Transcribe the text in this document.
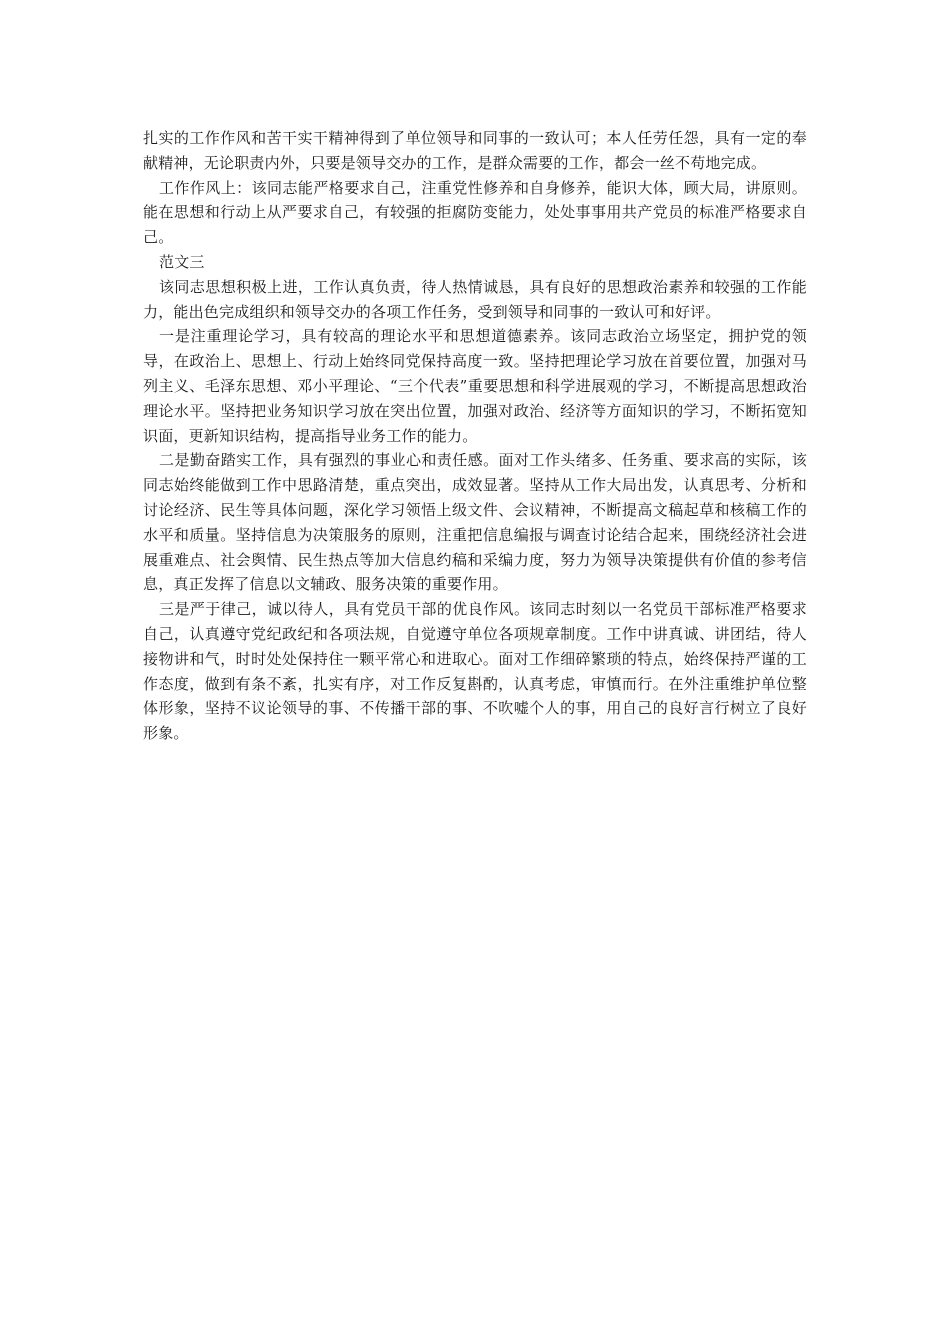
扎实的工作作风和苦干实干精神得到了单位领导和同事的一致认可；本人任劳任怨，具有一定的奉献精神，无论职责内外，只要是领导交办的工作，是群众需要的工作，都会一丝不苟地完成。

工作作风上：该同志能严格要求自己，注重党性修养和自身修养，能识大体，顾大局，讲原则。能在思想和行动上从严要求自己，有较强的拒腐防变能力，处处事事用共产党员的标准严格要求自己。

范文三

该同志思想积极上进，工作认真负责，待人热情诚恳，具有良好的思想政治素养和较强的工作能力，能出色完成组织和领导交办的各项工作任务，受到领导和同事的一致认可和好评。

一是注重理论学习，具有较高的理论水平和思想道德素养。该同志政治立场坚定，拥护党的领导，在政治上、思想上、行动上始终同党保持高度一致。坚持把理论学习放在首要位置，加强对马列主义、毛泽东思想、邓小平理论、“三个代表”重要思想和科学进展观的学习，不断提高思想政治理论水平。坚持把业务知识学习放在突出位置，加强对政治、经济等方面知识的学习，不断拓宽知识面，更新知识结构，提高指导业务工作的能力。

二是勤奋踏实工作，具有强烈的事业心和责任感。面对工作头绪多、任务重、要求高的实际，该同志始终能做到工作中思路清楚，重点突出，成效显著。坚持从工作大局出发，认真思考、分析和讨论经济、民生等具体问题，深化学习领悟上级文件、会议精神，不断提高文稿起草和核稿工作的水平和质量。坚持信息为决策服务的原则，注重把信息编报与调查讨论结合起来，围绕经济社会进展重难点、社会舆情、民生热点等加大信息约稿和采编力度，努力为领导决策提供有价值的参考信息，真正发挥了信息以文辅政、服务决策的重要作用。

三是严于律己，诚以待人，具有党员干部的优良作风。该同志时刻以一名党员干部标准严格要求自己，认真遵守党纪政纪和各项法规，自觉遵守单位各项规章制度。工作中讲真诚、讲团结，待人接物讲和气，时时处处保持住一颗平常心和进取心。面对工作细碎繁琐的特点，始终保持严谨的工作态度，做到有条不紊，扎实有序，对工作反复斟酌，认真考虑，审慎而行。在外注重维护单位整体形象，坚持不议论领导的事、不传播干部的事、不吹嘘个人的事，用自己的良好言行树立了良好形象。
